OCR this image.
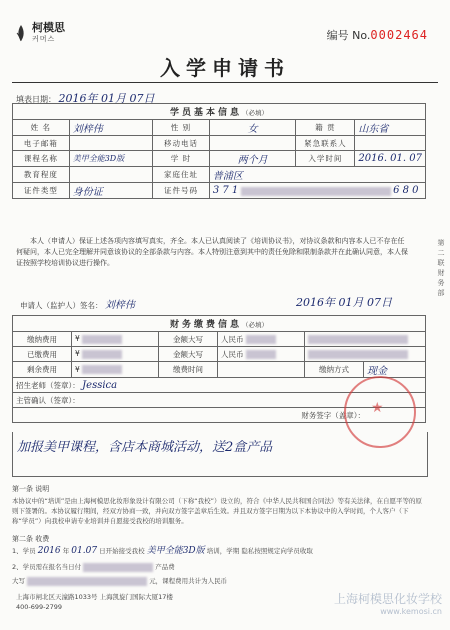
柯模思
커머스	编号 No.0002464
入学申请书
填表日期： 2016年 01月 07日
学员基本信息（必填）					
姓 名	刘梓伟	性 别	女	籍 贯	山东省
电子邮箱		移动电话		紧急联系人	
课程名称	美甲全能3D版	学 时	两个月	入学时间	2016. 01. 07
教育程度		家庭住址	普浦区		
证件类型	身份证	证件号码	3 7 1 6 8 0		
本人（申请人）保证上述各项内容填写真实，齐全。本人已认真阅读了《培训协议书》，对协议条款和内容本人已不存在任何疑问，本人已完全理解并同意该协议的全部条款与内容。本人特别注意到其中的责任免除和限制条款并在此确认同意，本人保证按照学校培训协议进行操作。
申请人（监护人）签名： 刘梓伟	2016年 01月 07日
财务缴费信息（必填）					
缴纳费用	¥	金额大写	人民币		
已缴费用	¥	金额大写	人民币		
剩余费用	¥	缴费时间		缴纳方式	现金
招生老师（签章）： Jessica					
主管确认（签章）：					
财务签字（盖章）：					
加报美甲课程，含店本商城活动，送2盒产品
★
第一条 说明
本协议中的“培训”是由上海柯模思化妆形象设计有限公司（下称“我校”）设立的，符合《中华人民共和国合同法》等有关法律，在自愿平等的原则下签署的。本协议履行期间，经双方协商一致，并向双方签字盖章后生效。并且双方签字日期为以下本协议中的入学时间，个人客户（下称“学员”）向我校申请专业培训并自愿接受我校的培训服务。
第二条 收费
1、学员 2016 年 01.07 日开始接受我校 美甲全能3D版 培训，学期 隐私按照规定向学员收取
2、学员需在报名当日付	产品费
大写	元，课程费用共计为人民币
上海市闸北区天潼路1033号 上海凯旋门国际大厦17楼
400-699-2799
第二联 财务部
上海柯模思化妆学校
www.kemosi.cn
